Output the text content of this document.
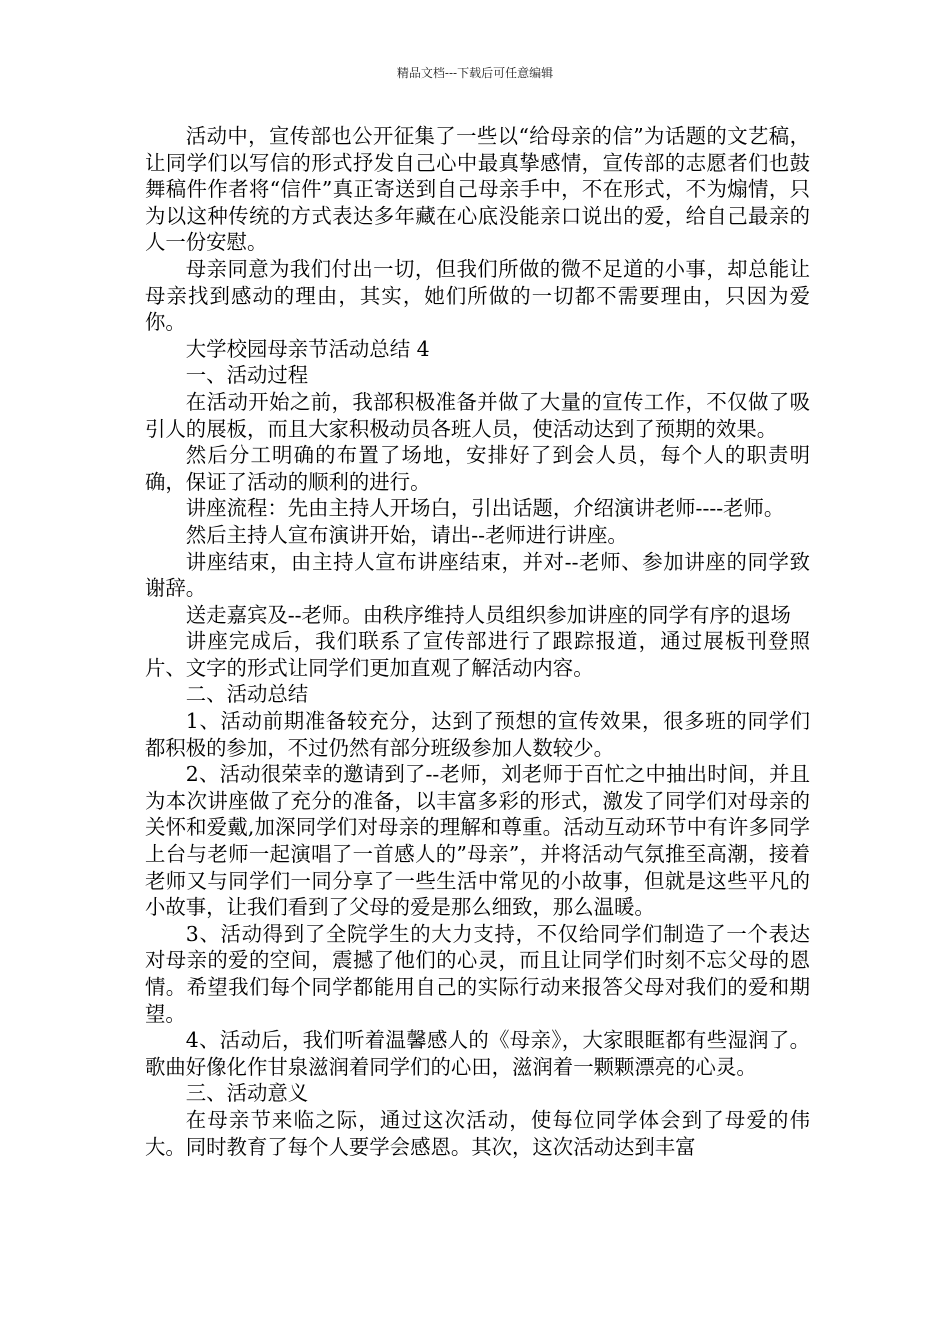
精品文档---下载后可任意编辑

活动中，宣传部也公开征集了一些以“给母亲的信”为话题的文艺稿，让同学们以写信的形式抒发自己心中最真挚感情，宣传部的志愿者们也鼓舞稿件作者将“信件”真正寄送到自己母亲手中，不在形式，不为煽情，只为以这种传统的方式表达多年藏在心底没能亲口说出的爱，给自己最亲的人一份安慰。

母亲同意为我们付出一切，但我们所做的微不足道的小事，却总能让母亲找到感动的理由，其实，她们所做的一切都不需要理由，只因为爱你。

大学校园母亲节活动总结 4

一、活动过程

在活动开始之前，我部积极准备并做了大量的宣传工作，不仅做了吸引人的展板，而且大家积极动员各班人员，使活动达到了预期的效果。

然后分工明确的布置了场地，安排好了到会人员，每个人的职责明确，保证了活动的顺利的进行。

讲座流程：先由主持人开场白，引出话题，介绍演讲老师----老师。

然后主持人宣布演讲开始，请出--老师进行讲座。

讲座结束，由主持人宣布讲座结束，并对--老师、参加讲座的同学致谢辞。

送走嘉宾及--老师。由秩序维持人员组织参加讲座的同学有序的退场

讲座完成后，我们联系了宣传部进行了跟踪报道，通过展板刊登照片、文字的形式让同学们更加直观了解活动内容。

二、活动总结

1、活动前期准备较充分，达到了预想的宣传效果，很多班的同学们都积极的参加，不过仍然有部分班级参加人数较少。

2、活动很荣幸的邀请到了--老师，刘老师于百忙之中抽出时间，并且为本次讲座做了充分的准备，以丰富多彩的形式，激发了同学们对母亲的关怀和爱戴,加深同学们对母亲的理解和尊重。活动互动环节中有许多同学上台与老师一起演唱了一首感人的”母亲”，并将活动气氛推至高潮，接着老师又与同学们一同分享了一些生活中常见的小故事，但就是这些平凡的小故事，让我们看到了父母的爱是那么细致，那么温暖。

3、活动得到了全院学生的大力支持，不仅给同学们制造了一个表达对母亲的爱的空间，震撼了他们的心灵，而且让同学们时刻不忘父母的恩情。希望我们每个同学都能用自己的实际行动来报答父母对我们的爱和期望。

4、活动后，我们听着温馨感人的《母亲》，大家眼眶都有些湿润了。歌曲好像化作甘泉滋润着同学们的心田，滋润着一颗颗漂亮的心灵。

三、活动意义

在母亲节来临之际，通过这次活动，使每位同学体会到了母爱的伟大。同时教育了每个人要学会感恩。其次，这次活动达到丰富
